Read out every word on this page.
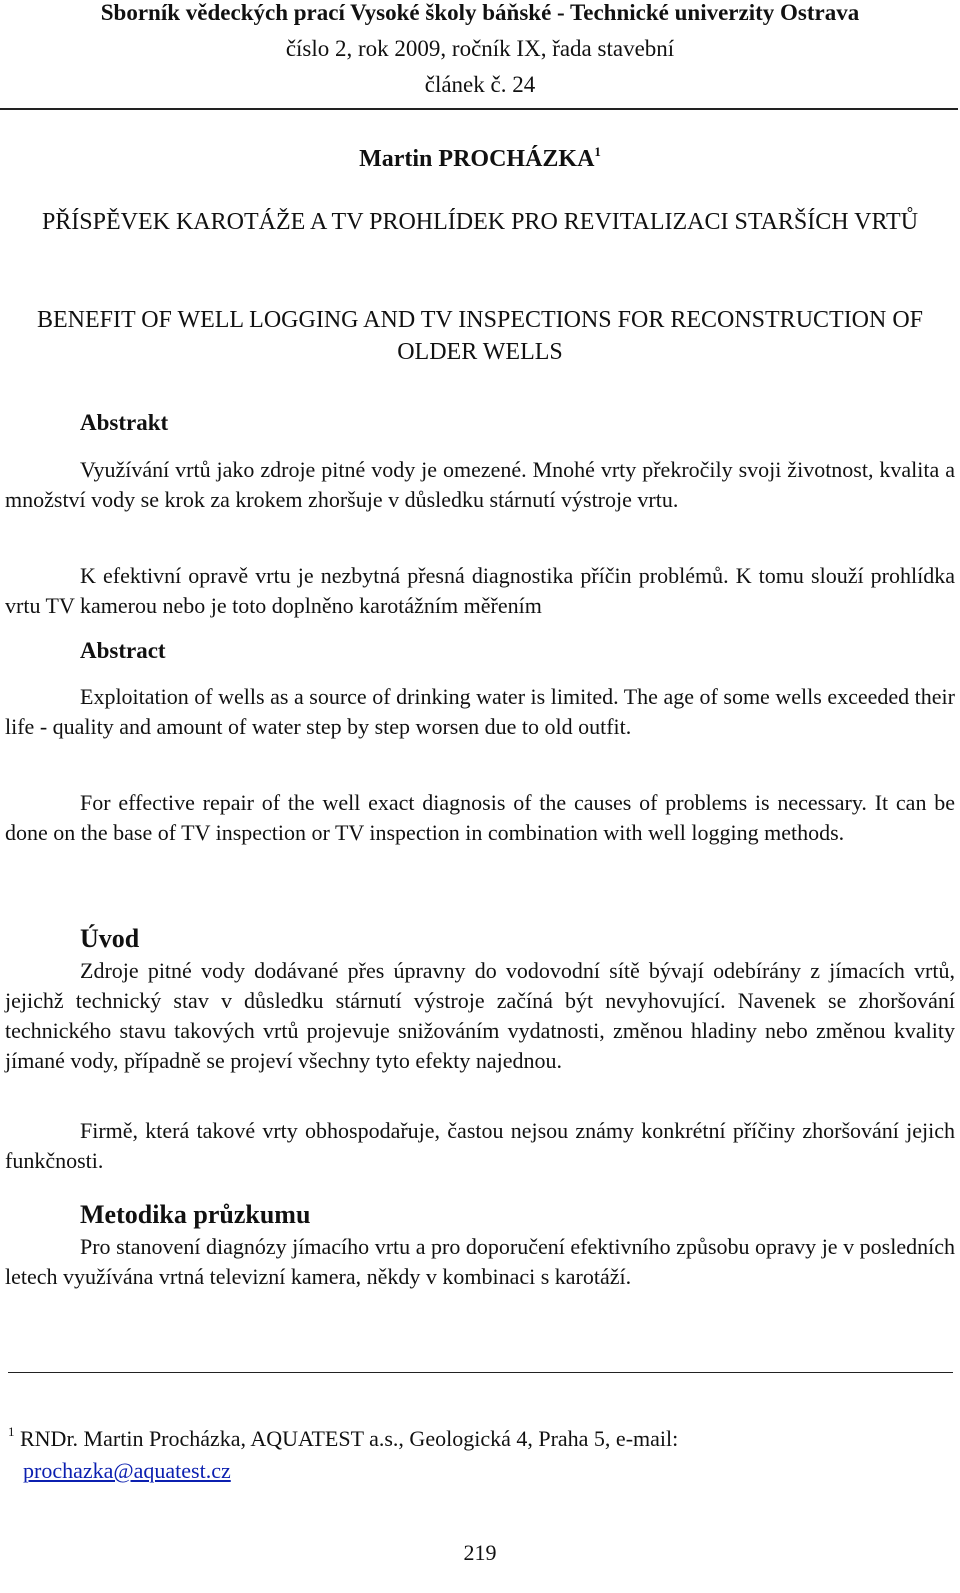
Sborník vědeckých prací Vysoké školy báňské - Technické univerzity Ostrava
číslo 2, rok 2009, ročník IX, řada stavební
článek č. 24
Martin PROCHÁZKA$^1$
PŘÍSPĚVEK KAROTÁŽE A TV PROHLÍDEK PRO REVITALIZACI STARŠÍCH VRTŮ
BENEFIT OF WELL LOGGING AND TV INSPECTIONS FOR RECONSTRUCTION OF OLDER WELLS
Abstrakt

Využívání vrtů jako zdroje pitné vody je omezené. Mnohé vrty překročily svoji životnost, kvalita a množství vody se krok za krokem zhoršuje v důsledku stárnutí výstroje vrtu.

K efektivní opravě vrtu je nezbytná přesná diagnostika příčin problémů. K tomu slouží prohlídka vrtu TV kamerou nebo je toto doplněno karotážním měřením

Abstract

Exploitation of wells as a source of drinking water is limited. The age of some wells exceeded their life - quality and amount of water step by step worsen due to old outfit.

For effective repair of the well exact diagnosis of the causes of problems is necessary. It can be done on the base of TV inspection or TV inspection in combination with well logging methods.

Úvod

Zdroje pitné vody dodávané přes úpravny do vodovodní sítě bývají odebírány z jímacích vrtů, jejichž technický stav v důsledku stárnutí výstroje začíná být nevyhovující. Navenek se zhoršování technického stavu takových vrtů projevuje snižováním vydatnosti, změnou hladiny nebo změnou kvality jímané vody, případně se projeví všechny tyto efekty najednou.

Firmě, která takové vrty obhospodařuje, častou nejsou známy konkrétní příčiny zhoršování jejich funkčnosti.

Metodika průzkumu

Pro stanovení diagnózy jímacího vrtu a pro doporučení efektivního způsobu opravy je v posledních letech využívána vrtná televizní kamera, někdy v kombinaci s karotáží.

$^1$ RNDr. Martin Procházka, AQUATEST a.s., Geologická 4, Praha 5, e-mail:
prochazka@aquatest.cz
219
